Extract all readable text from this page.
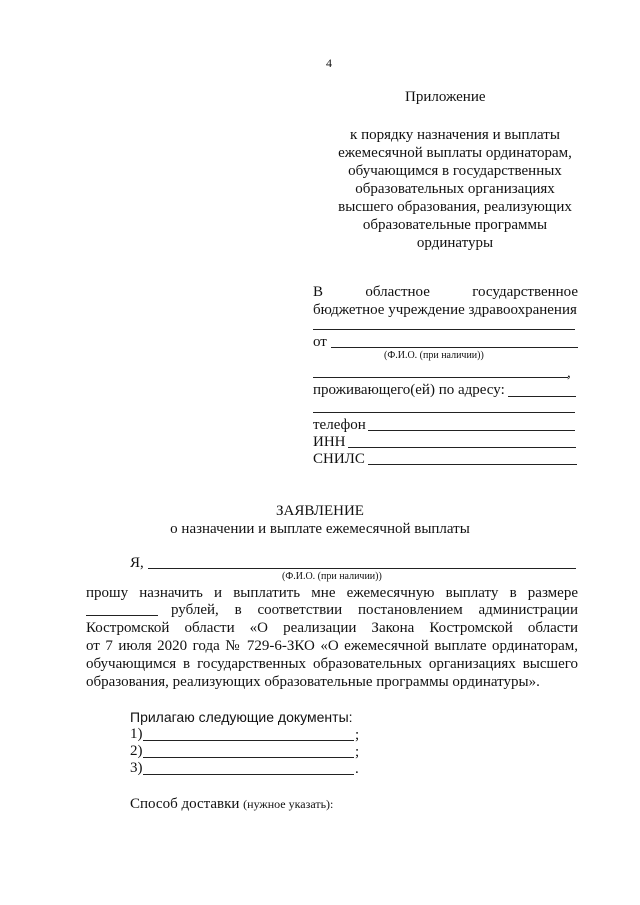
4
Приложение
к порядку назначения и выплаты
ежемесячной выплаты ординаторам,
обучающимся в государственных
образовательных организациях
высшего образования, реализующих
образовательные программы
ординатуры
В	областное	государственное
бюджетное учреждение здравоохранения
от
(Ф.И.О. (при наличии))
,
проживающего(ей) по адресу:
телефон
ИНН
СНИЛС
ЗАЯВЛЕНИЕ
о назначении и выплате ежемесячной выплаты
Я,
(Ф.И.О. (при наличии))
прошу назначить и выплатить мне ежемесячную выплату в размере
рублей, в соответствии постановлением администрации
Костромской области «О реализации Закона Костромской области
от 7 июля 2020 года № 729-6-ЗКО «О ежемесячной выплате ординаторам,
обучающимся в государственных образовательных организациях высшего
образования, реализующих образовательные программы ординатуры».
Прилагаю следующие документы:
1)	;
2)	;
3)	.
Способ доставки (нужное указать):
